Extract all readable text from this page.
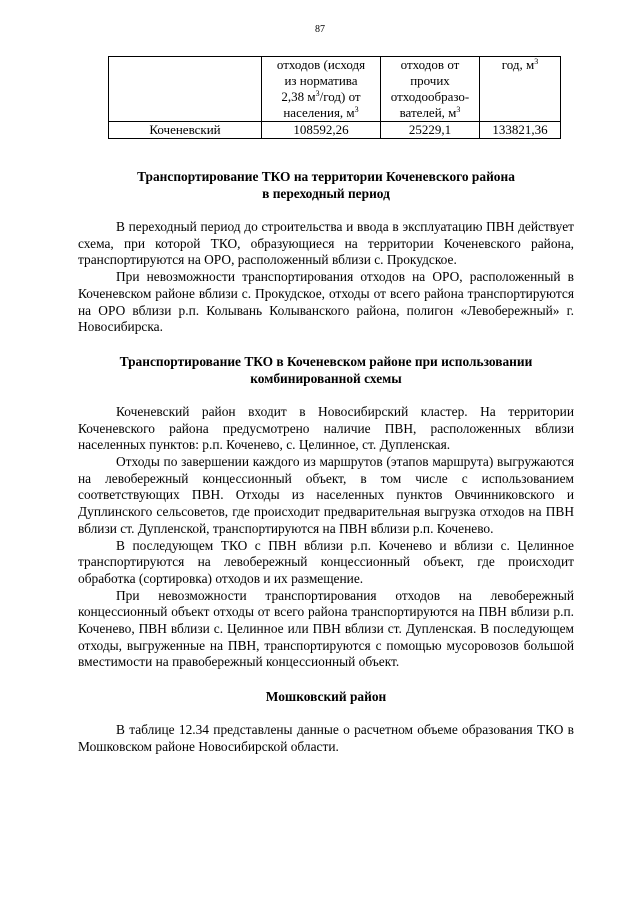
87
	отходов (исходя
из норматива
2,38 $м^3/год$) от
населения, $м^3$	отходов от
прочих
отходообразо-
вателей, $м^3$	год, $м^3$
Коченевский	108592,26	25229,1	133821,36
Транспортирование ТКО на территории Коченевского района
в переходный период

В переходный период до строительства и ввода в эксплуатацию ПВН действует схема, при которой ТКО, образующиеся на территории Коченевского района, транспортируются на ОРО, расположенный вблизи с. Прокудское.

При невозможности транспортирования отходов на ОРО, расположенный в Коченевском районе вблизи с. Прокудское, отходы от всего района транспортируются на ОРО вблизи р.п. Колывань Колыванского района, полигон «Левобережный» г. Новосибирска.

Транспортирование ТКО в Коченевском районе при использовании
комбинированной схемы

Коченевский район входит в Новосибирский кластер. На территории Коченевского района предусмотрено наличие ПВН, расположенных вблизи населенных пунктов: р.п. Коченево, с. Целинное, ст. Дупленская.

Отходы по завершении каждого из маршрутов (этапов маршрута) выгружаются на левобережный концессионный объект, в том числе с использованием соответствующих ПВН. Отходы из населенных пунктов Овчинниковского и Дуплинского сельсоветов, где происходит предварительная выгрузка отходов на ПВН вблизи ст. Дупленской, транспортируются на ПВН вблизи р.п. Коченево.

В последующем ТКО с ПВН вблизи р.п. Коченево и вблизи с. Целинное транспортируются на левобережный концессионный объект, где происходит обработка (сортировка) отходов и их размещение.

При невозможности транспортирования отходов на левобережный концессионный объект отходы от всего района транспортируются на ПВН вблизи р.п. Коченево, ПВН вблизи с. Целинное или ПВН вблизи ст. Дупленская. В последующем отходы, выгруженные на ПВН, транспортируются с помощью мусоровозов большой вместимости на правобережный концессионный объект.

Мошковский район

В таблице 12.34 представлены данные о расчетном объеме образования ТКО в Мошковском районе Новосибирской области.
